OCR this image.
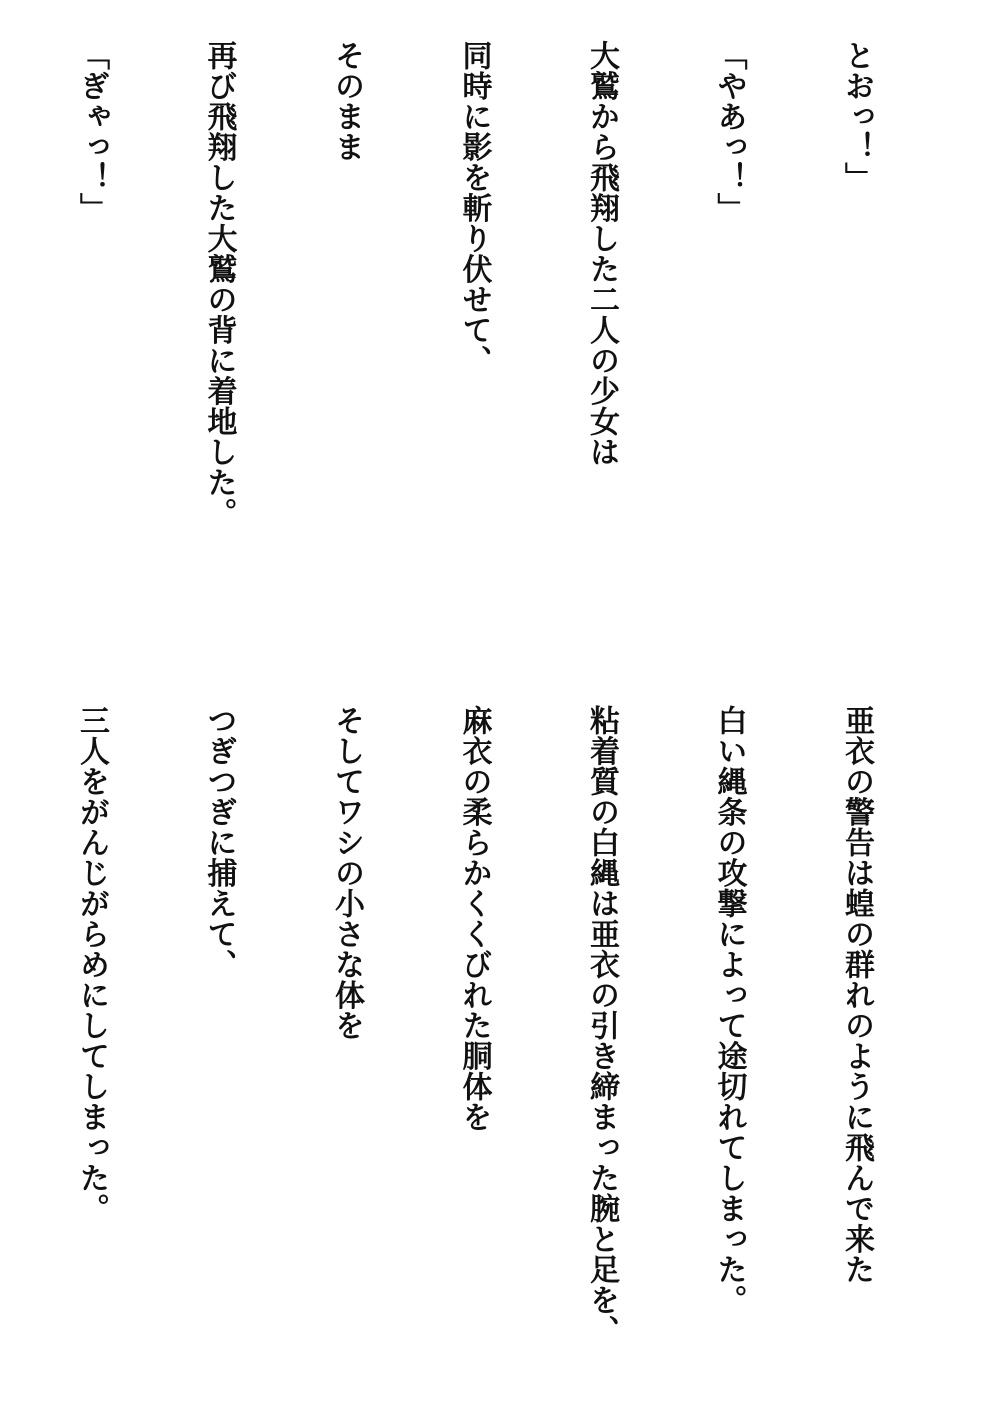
とおっ！」

「やあっ！」

大鷲から飛翔した二人の少女は

同時に影を斬り伏せて、

そのまま

再び飛翔した大鷲の背に着地した。

「ぎゃっ！」

亜衣の警告は蝗の群れのように飛んで来た

白い縄条の攻撃によって途切れてしまった。

粘着質の白縄は亜衣の引き締まった腕と足を、

麻衣の柔らかくくびれた胴体を

そしてワシの小さな体を

つぎつぎに捕えて、

三人をがんじがらめにしてしまった。
